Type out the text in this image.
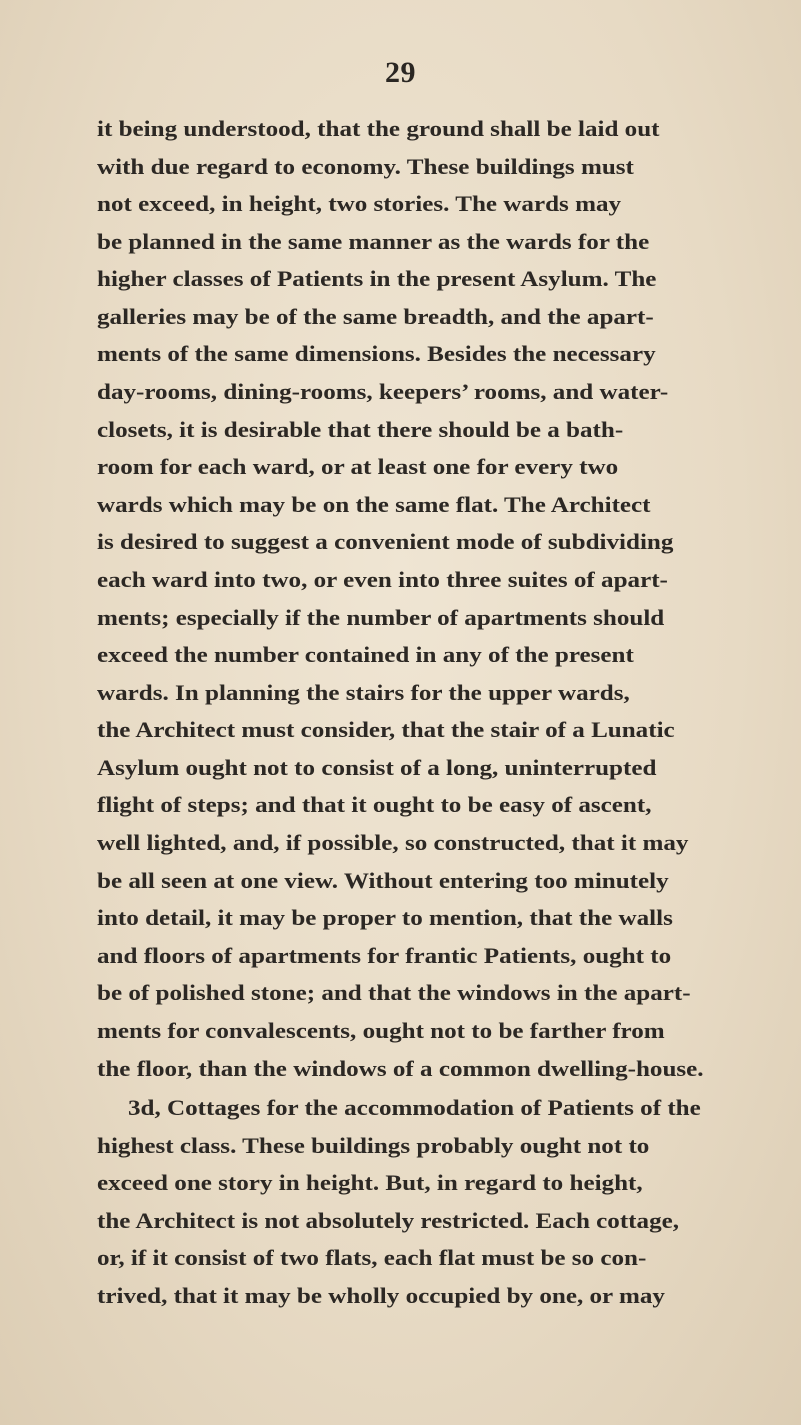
29
it being understood, that the ground shall be laid out
with due regard to economy. These buildings must
not exceed, in height, two stories. The wards may
be planned in the same manner as the wards for the
higher classes of Patients in the present Asylum. The
galleries may be of the same breadth, and the apart-
ments of the same dimensions. Besides the necessary
day-rooms, dining-rooms, keepers’ rooms, and water-
closets, it is desirable that there should be a bath-
room for each ward, or at least one for every two
wards which may be on the same flat. The Architect
is desired to suggest a convenient mode of subdividing
each ward into two, or even into three suites of apart-
ments; especially if the number of apartments should
exceed the number contained in any of the present
wards. In planning the stairs for the upper wards,
the Architect must consider, that the stair of a Lunatic
Asylum ought not to consist of a long, uninterrupted
flight of steps; and that it ought to be easy of ascent,
well lighted, and, if possible, so constructed, that it may
be all seen at one view. Without entering too minutely
into detail, it may be proper to mention, that the walls
and floors of apartments for frantic Patients, ought to
be of polished stone; and that the windows in the apart-
ments for convalescents, ought not to be farther from
the floor, than the windows of a common dwelling-house.
3d, Cottages for the accommodation of Patients of the
highest class. These buildings probably ought not to
exceed one story in height. But, in regard to height,
the Architect is not absolutely restricted. Each cottage,
or, if it consist of two flats, each flat must be so con-
trived, that it may be wholly occupied by one, or may
